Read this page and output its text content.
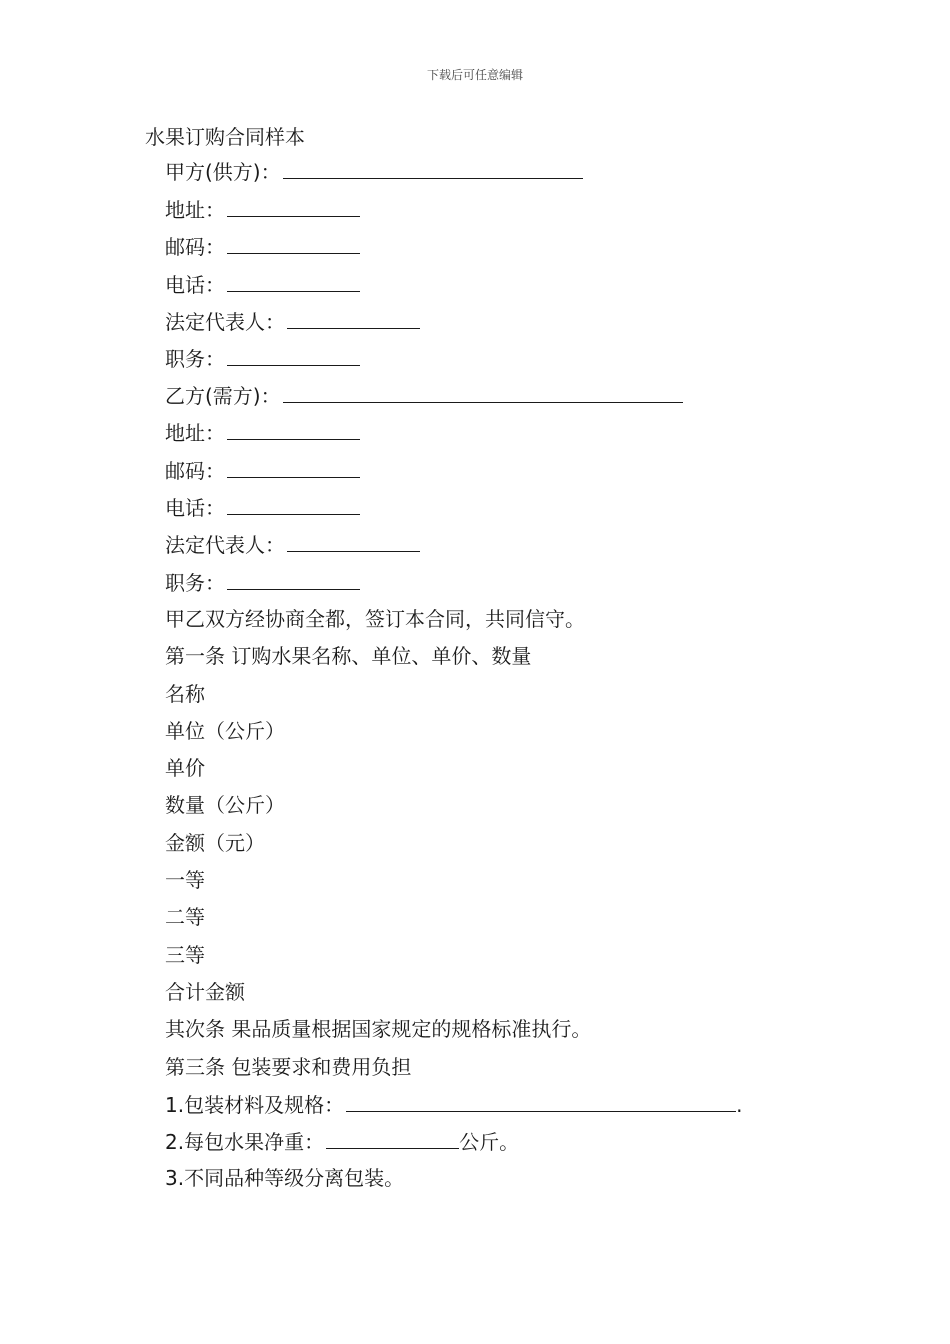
下载后可任意编辑
水果订购合同样本
甲方(供方)：
地址：
邮码：
电话：
法定代表人：
职务：
乙方(需方)：
地址：
邮码：
电话：
法定代表人：
职务：
甲乙双方经协商全都，签订本合同，共同信守。
第一条 订购水果名称、单位、单价、数量
名称
单位（公斤）
单价
数量（公斤）
金额（元）
一等
二等
三等
合计金额
其次条 果品质量根据国家规定的规格标准执行。
第三条 包装要求和费用负担
1.包装材料及规格：	.
2.每包水果净重：	公斤。
3.不同品种等级分离包装。
